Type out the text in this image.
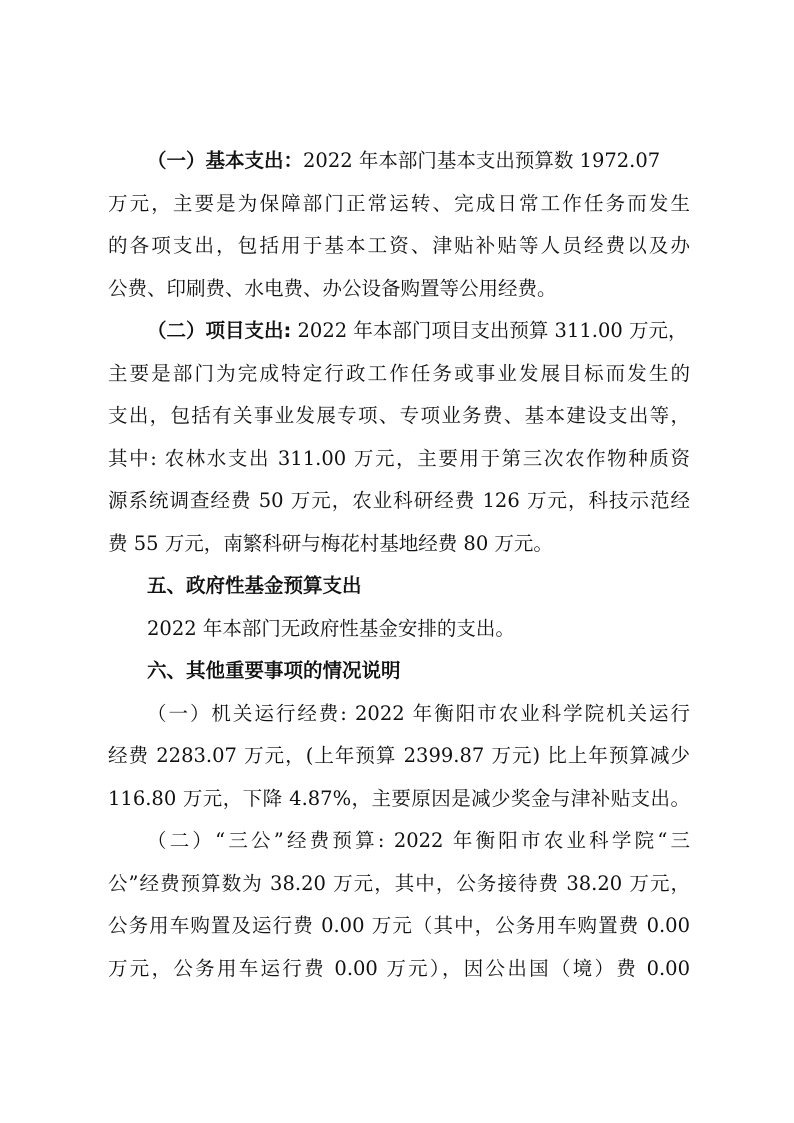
（一）基本支出：2022 年本部门基本支出预算数 1972.07
万元，主要是为保障部门正常运转、完成日常工作任务而发生
的各项支出，包括用于基本工资、津贴补贴等人员经费以及办
公费、印刷费、水电费、办公设备购置等公用经费。
（二）项目支出: 2022 年本部门项目支出预算 311.00 万元，
主要是部门为完成特定行政工作任务或事业发展目标而发生的
支出，包括有关事业发展专项、专项业务费、基本建设支出等，
其中: 农林水支出 311.00 万元，主要用于第三次农作物种质资
源系统调查经费 50 万元，农业科研经费 126 万元，科技示范经
费 55 万元，南繁科研与梅花村基地经费 80 万元。
五、政府性基金预算支出
2022 年本部门无政府性基金安排的支出。
六、其他重要事项的情况说明
（一）机关运行经费: 2022 年衡阳市农业科学院机关运行
经费 2283.07 万元，(上年预算 2399.87 万元) 比上年预算减少
116.80 万元，下降 4.87%，主要原因是减少奖金与津补贴支出。
（二）“三公”经费预算: 2022 年衡阳市农业科学院“三
公”经费预算数为 38.20 万元，其中，公务接待费 38.20 万元，
公务用车购置及运行费 0.00 万元（其中，公务用车购置费 0.00
万元，公务用车运行费 0.00 万元），因公出国（境）费 0.00
